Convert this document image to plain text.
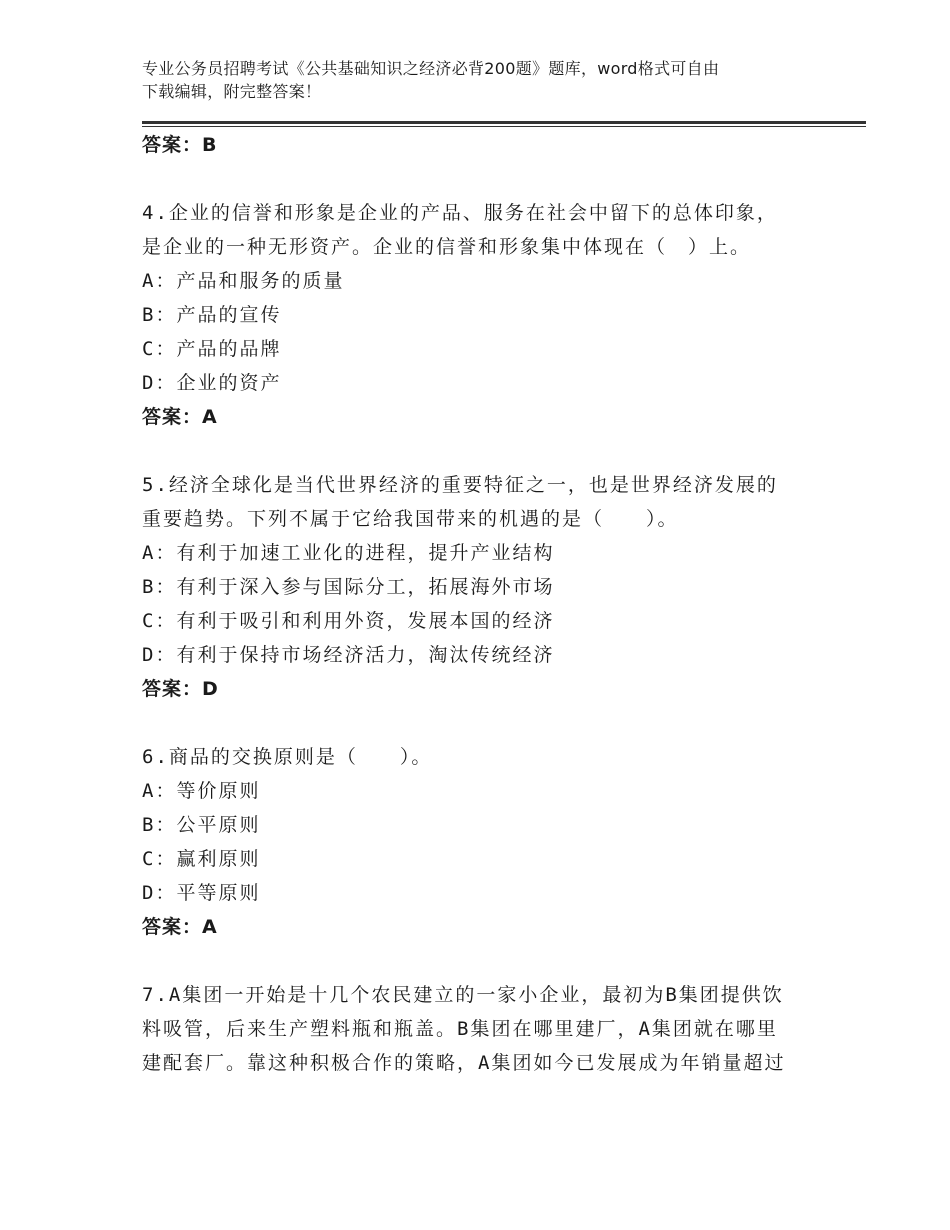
专业公务员招聘考试《公共基础知识之经济必背200题》题库，word格式可自由
下载编辑，附完整答案！
答案：B
4.企业的信誉和形象是企业的产品、服务在社会中留下的总体印象，
是企业的一种无形资产。企业的信誉和形象集中体现在（　）上。
A：产品和服务的质量
B：产品的宣传
C：产品的品牌
D：企业的资产
答案：A
5.经济全球化是当代世界经济的重要特征之一，也是世界经济发展的
重要趋势。下列不属于它给我国带来的机遇的是（　　）。
A：有利于加速工业化的进程，提升产业结构
B：有利于深入参与国际分工，拓展海外市场
C：有利于吸引和利用外资，发展本国的经济
D：有利于保持市场经济活力，淘汰传统经济
答案：D
6.商品的交换原则是（　　）。
A：等价原则
B：公平原则
C：赢利原则
D：平等原则
答案：A
7.A集团一开始是十几个农民建立的一家小企业，最初为B集团提供饮
料吸管，后来生产塑料瓶和瓶盖。B集团在哪里建厂，A集团就在哪里
建配套厂。靠这种积极合作的策略，A集团如今已发展成为年销量超过
